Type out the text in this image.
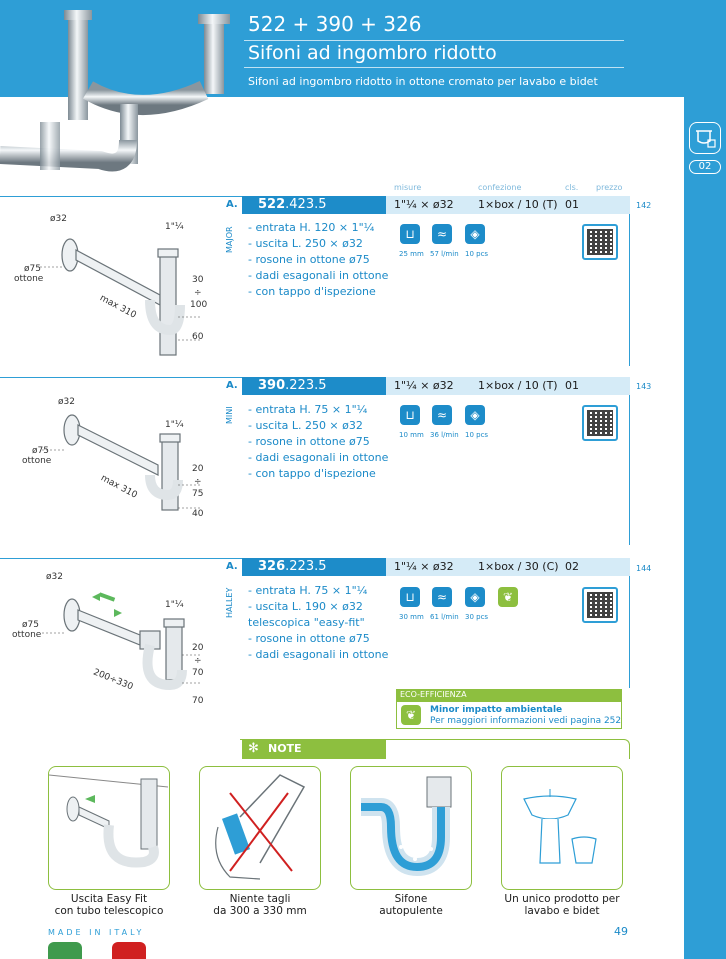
522 + 390 + 326
Sifoni ad ingombro ridotto
Sifoni ad ingombro ridotto in ottone cromato per lavabo e bidet
02
misure	confezione	cls. prezzo
A.	522.423.5	1"¼ × ø32 1×box / 10 (T) 01	142
MAJOR - entrata H. 120 × 1"¼
- uscita L. 250 × ø32
- rosone in ottone ø75
- dadi esagonali in ottone
- con tappo d'ispezione
⊔	≈	◈
25 mm 57 l/min 10 pcs
ø32
ø75
ottone
1"¼
max 310
30
÷
100
60
A.	390.223.5	1"¼ × ø32 1×box / 10 (T) 01	143
MINI - entrata H. 75 × 1"¼
- uscita L. 250 × ø32
- rosone in ottone ø75
- dadi esagonali in ottone
- con tappo d'ispezione
⊔	≈	◈
10 mm 36 l/min 10 pcs
ø32
ø75
ottone
1"¼
max 310
20
÷
75
40
A.	326.223.5	1"¼ × ø32 1×box / 30 (C) 02	144
HALLEY - entrata H. 75 × 1"¼
- uscita L. 190 × ø32
telescopica "easy-fit"
- rosone in ottone ø75
- dadi esagonali in ottone
⊔	≈	◈	❦
30 mm 61 l/min 30 pcs
ø32
ø75
ottone
1"¼
200÷330
20
÷
70
70
ECO-EFFICIENZA
❦	Minor impatto ambientale
Per maggiori informazioni vedi pagina 252
NOTE
✻
Uscita Easy Fit
con tubo telescopico
Niente tagli
da 300 a 330 mm
Sifone
autopulente
Un unico prodotto per
lavabo e bidet
MADE IN ITALY	49
